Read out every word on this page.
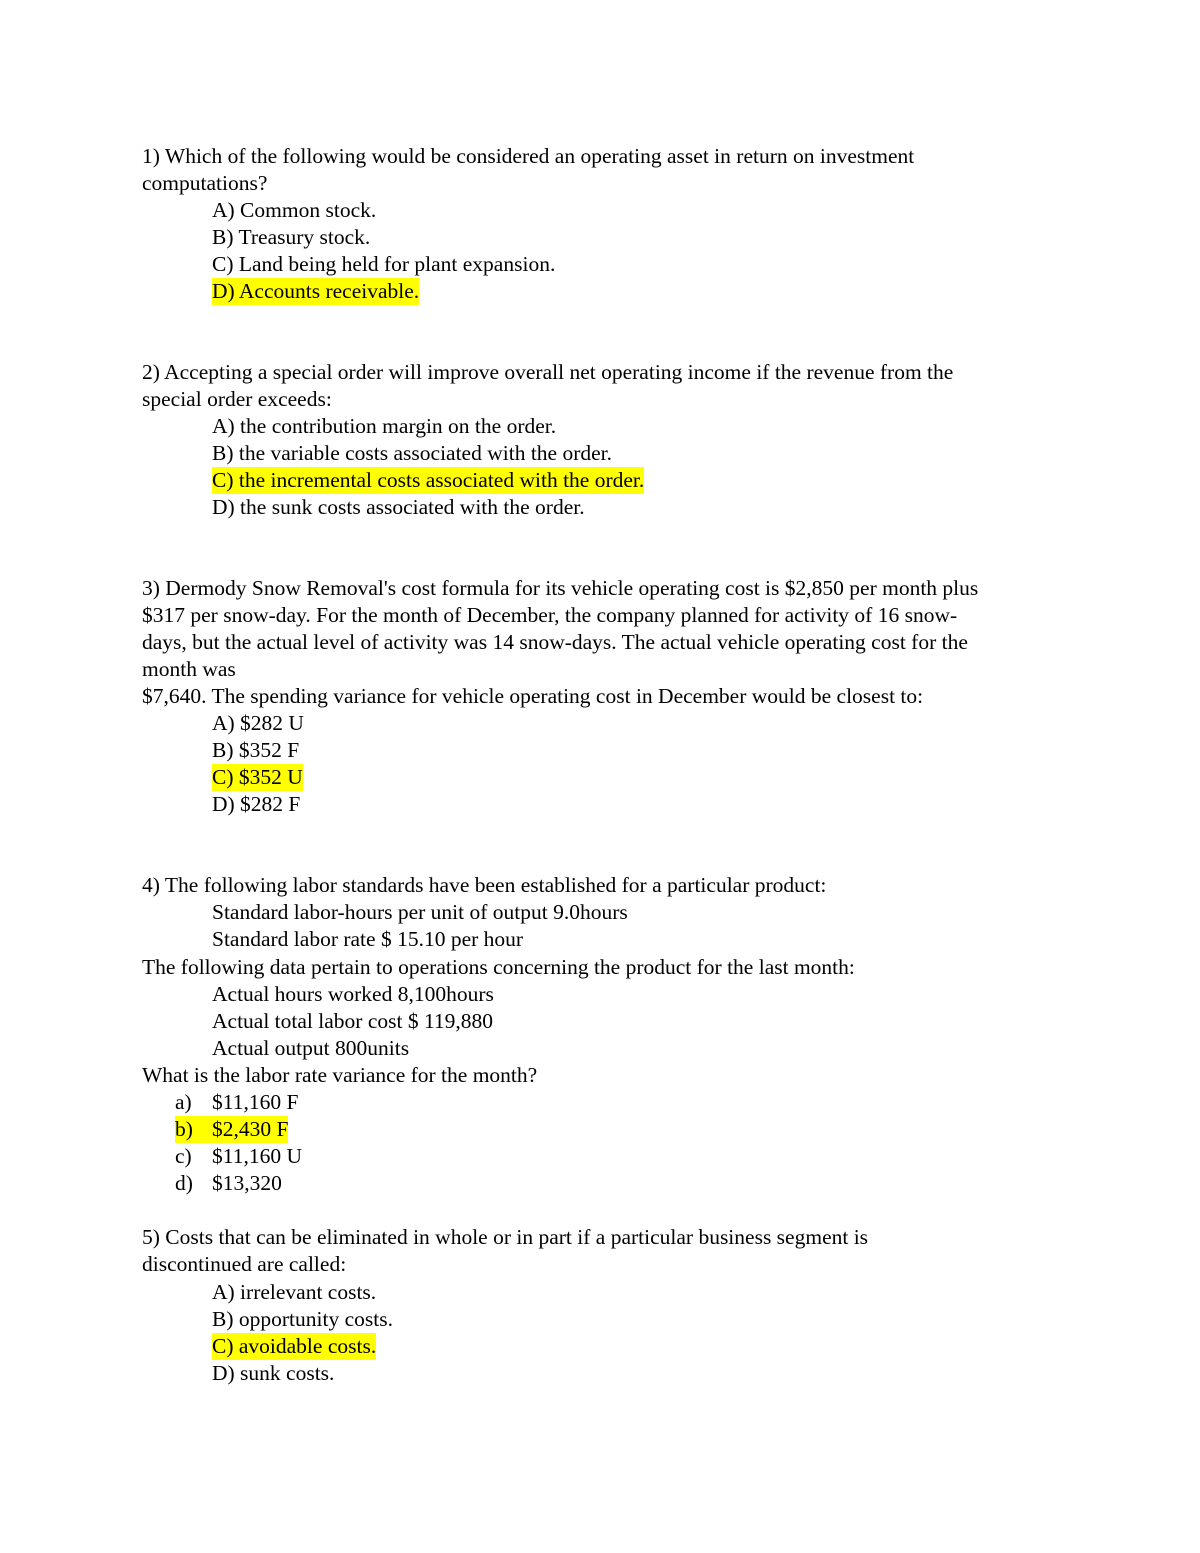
1) Which of the following would be considered an operating asset in return on investment
computations?
A) Common stock.
B) Treasury stock.
C) Land being held for plant expansion.
D) Accounts receivable.
2) Accepting a special order will improve overall net operating income if the revenue from the
special order exceeds:
A) the contribution margin on the order.
B) the variable costs associated with the order.
C) the incremental costs associated with the order.
D) the sunk costs associated with the order.
3) Dermody Snow Removal's cost formula for its vehicle operating cost is $2,850 per month plus
$317 per snow-day. For the month of December, the company planned for activity of 16 snow-
days, but the actual level of activity was 14 snow-days. The actual vehicle operating cost for the
month was
$7,640. The spending variance for vehicle operating cost in December would be closest to:
A) $282 U
B) $352 F
C) $352 U
D) $282 F
4) The following labor standards have been established for a particular product:
Standard labor-hours per unit of output 9.0hours
Standard labor rate $ 15.10 per hour
The following data pertain to operations concerning the product for the last month:
Actual hours worked 8,100hours
Actual total labor cost $ 119,880
Actual output 800units
What is the labor rate variance for the month?
a) $11,160 F
b) $2,430 F
c) $11,160 U
d) $13,320
5) Costs that can be eliminated in whole or in part if a particular business segment is
discontinued are called:
A) irrelevant costs.
B) opportunity costs.
C) avoidable costs.
D) sunk costs.
